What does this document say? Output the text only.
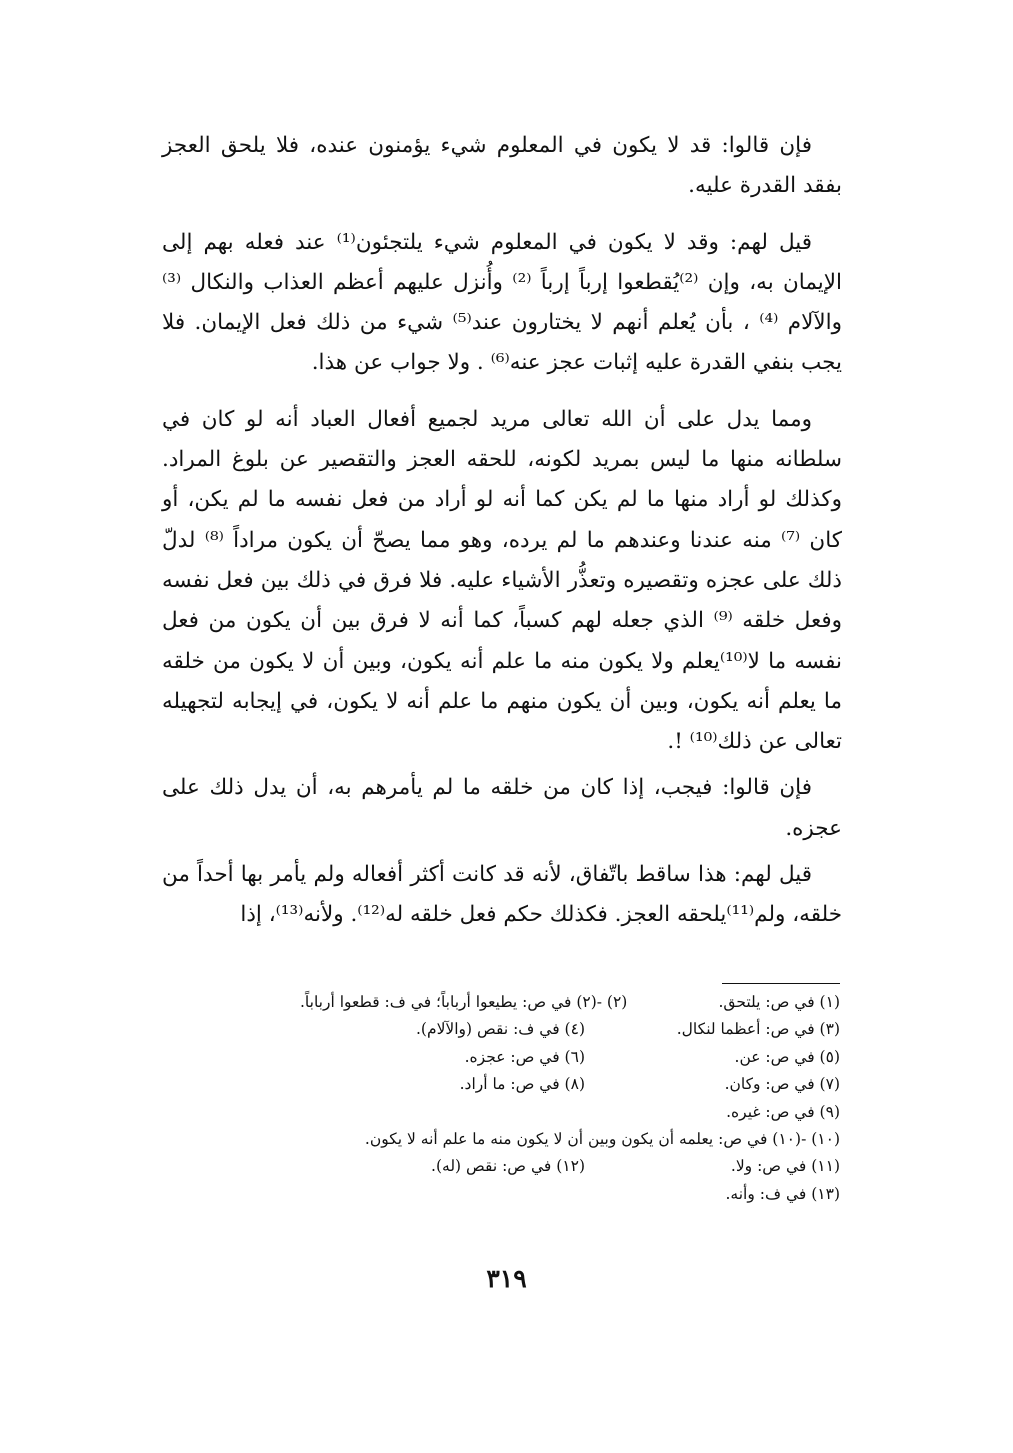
فإن قالوا: قد لا يكون في المعلوم شيء يؤمنون عنده، فلا يلحق العجز بفقد القدرة عليه.

قيل لهم: وقد لا يكون في المعلوم شيء يلتجئون⁽¹⁾ عند فعله بهم إلى الإيمان به، وإن ⁽²⁾يُقطعوا إرباً إرباً ⁽²⁾ وأُنزل عليهم أعظم العذاب والنكال ⁽³⁾ والآلام ⁽⁴⁾ ، بأن يُعلم أنهم لا يختارون عند⁽⁵⁾ شيء من ذلك فعل الإيمان. فلا يجب بنفي القدرة عليه إثبات عجز عنه⁽⁶⁾ . ولا جواب عن هذا.

ومما يدل على أن الله تعالى مريد لجميع أفعال العباد أنه لو كان في سلطانه منها ما ليس بمريد لكونه، للحقه العجز والتقصير عن بلوغ المراد. وكذلك لو أراد منها ما لم يكن كما أنه لو أراد من فعل نفسه ما لم يكن، أو كان ⁽⁷⁾ منه عندنا وعندهم ما لم يرده، وهو مما يصحّ أن يكون مراداً ⁽⁸⁾ لدلّ ذلك على عجزه وتقصيره وتعذُّر الأشياء عليه. فلا فرق في ذلك بين فعل نفسه وفعل خلقه ⁽⁹⁾ الذي جعله لهم كسباً، كما أنه لا فرق بين أن يكون من فعل نفسه ما لا⁽¹⁰⁾يعلم ولا يكون منه ما علم أنه يكون، وبين أن لا يكون من خلقه ما يعلم أنه يكون، وبين أن يكون منهم ما علم أنه لا يكون، في إيجابه لتجهيله تعالى عن ذلك⁽¹⁰⁾ !.

فإن قالوا: فيجب، إذا كان من خلقه ما لم يأمرهم به، أن يدل ذلك على عجزه.

قيل لهم: هذا ساقط باتّفاق، لأنه قد كانت أكثر أفعاله ولم يأمر بها أحداً من خلقه، ولم⁽¹¹⁾يلحقه العجز. فكذلك حكم فعل خلقه له⁽¹²⁾. ولأنه⁽¹³⁾، إذا

(١) في ص: يلتحق.
(٢) -(٢) في ص: يطيعوا أرباباً؛ في ف: قطعوا أرباباً.
(٣) في ص: أعظما لنكال.
(٤) في ف: نقص (والآلام).
(٥) في ص: عن.
(٦) في ص: عجزه.
(٧) في ص: وكان.
(٨) في ص: ما أراد.
(٩) في ص: غيره.
(١٠) -(١٠) في ص: يعلمه أن يكون وبين أن لا يكون منه ما علم أنه لا يكون.
(١١) في ص: ولا.
(١٢) في ص: نقص (له).
(١٣) في ف: وأنه.
٣١٩
